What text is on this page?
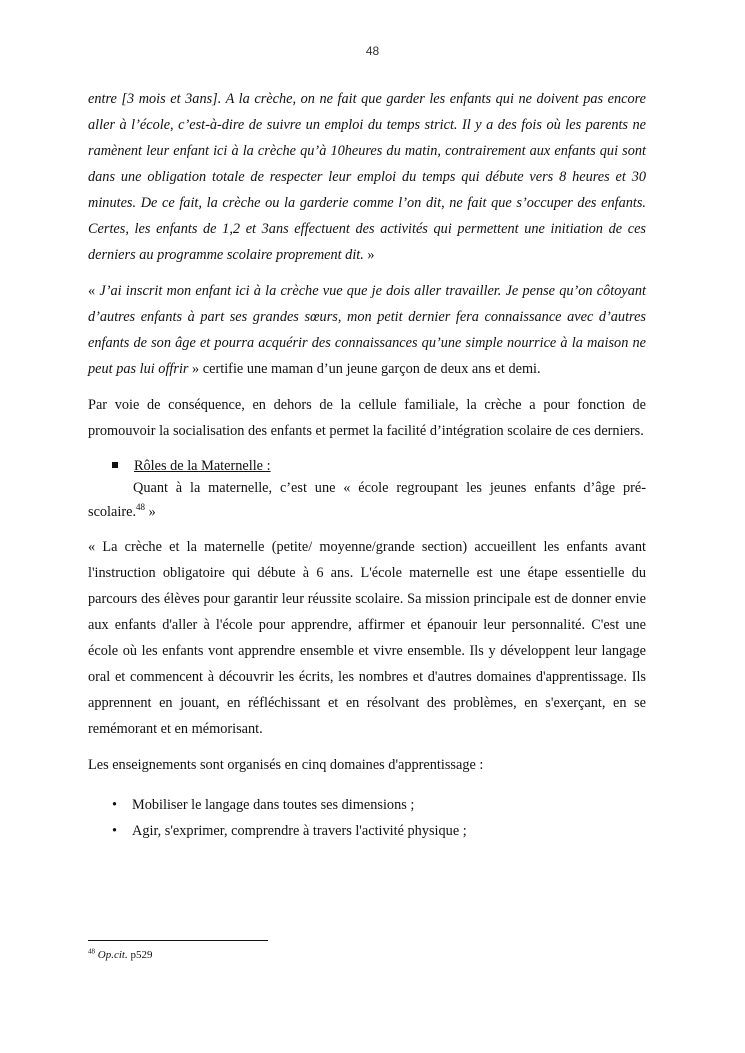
48

entre [3 mois et 3ans]. A la crèche, on ne fait que garder les enfants qui ne doivent pas encore aller à l’école, c’est-à-dire de suivre un emploi du temps strict. Il y a des fois où les parents ne ramènent leur enfant ici à la crèche qu’à 10heures du matin, contrairement aux enfants qui sont dans une obligation totale de respecter leur emploi du temps qui débute vers 8 heures et 30 minutes. De ce fait, la crèche ou la garderie comme l’on dit, ne fait que s’occuper des enfants. Certes, les enfants de 1,2 et 3ans effectuent des activités qui permettent une initiation de ces derniers au programme scolaire proprement dit. »

« J’ai inscrit mon enfant ici à la crèche vue que je dois aller travailler. Je pense qu’on côtoyant d’autres enfants à part ses grandes sœurs, mon petit dernier fera connaissance avec d’autres enfants de son âge et pourra acquérir des connaissances qu’une simple nourrice à la maison ne peut pas lui offrir » certifie une maman d’un jeune garçon de deux ans et demi.

Par voie de conséquence, en dehors de la cellule familiale, la crèche a pour fonction de promouvoir la socialisation des enfants et permet la facilité d’intégration scolaire de ces derniers.

Rôles de la Maternelle :

Quant à la maternelle, c’est une « école regroupant les jeunes enfants d’âge pré-scolaire.$^{48}$ »

« La crèche et la maternelle (petite/ moyenne/grande section) accueillent les enfants avant l'instruction obligatoire qui débute à 6 ans. L'école maternelle est une étape essentielle du parcours des élèves pour garantir leur réussite scolaire. Sa mission principale est de donner envie aux enfants d'aller à l'école pour apprendre, affirmer et épanouir leur personnalité. C'est une école où les enfants vont apprendre ensemble et vivre ensemble. Ils y développent leur langage oral et commencent à découvrir les écrits, les nombres et d'autres domaines d'apprentissage. Ils apprennent en jouant, en réfléchissant et en résolvant des problèmes, en s'exerçant, en se remémorant et en mémorisant.

Les enseignements sont organisés en cinq domaines d'apprentissage :

• Mobiliser le langage dans toutes ses dimensions ;
• Agir, s'exprimer, comprendre à travers l'activité physique ;
$^{48}$ Op.cit. p529
